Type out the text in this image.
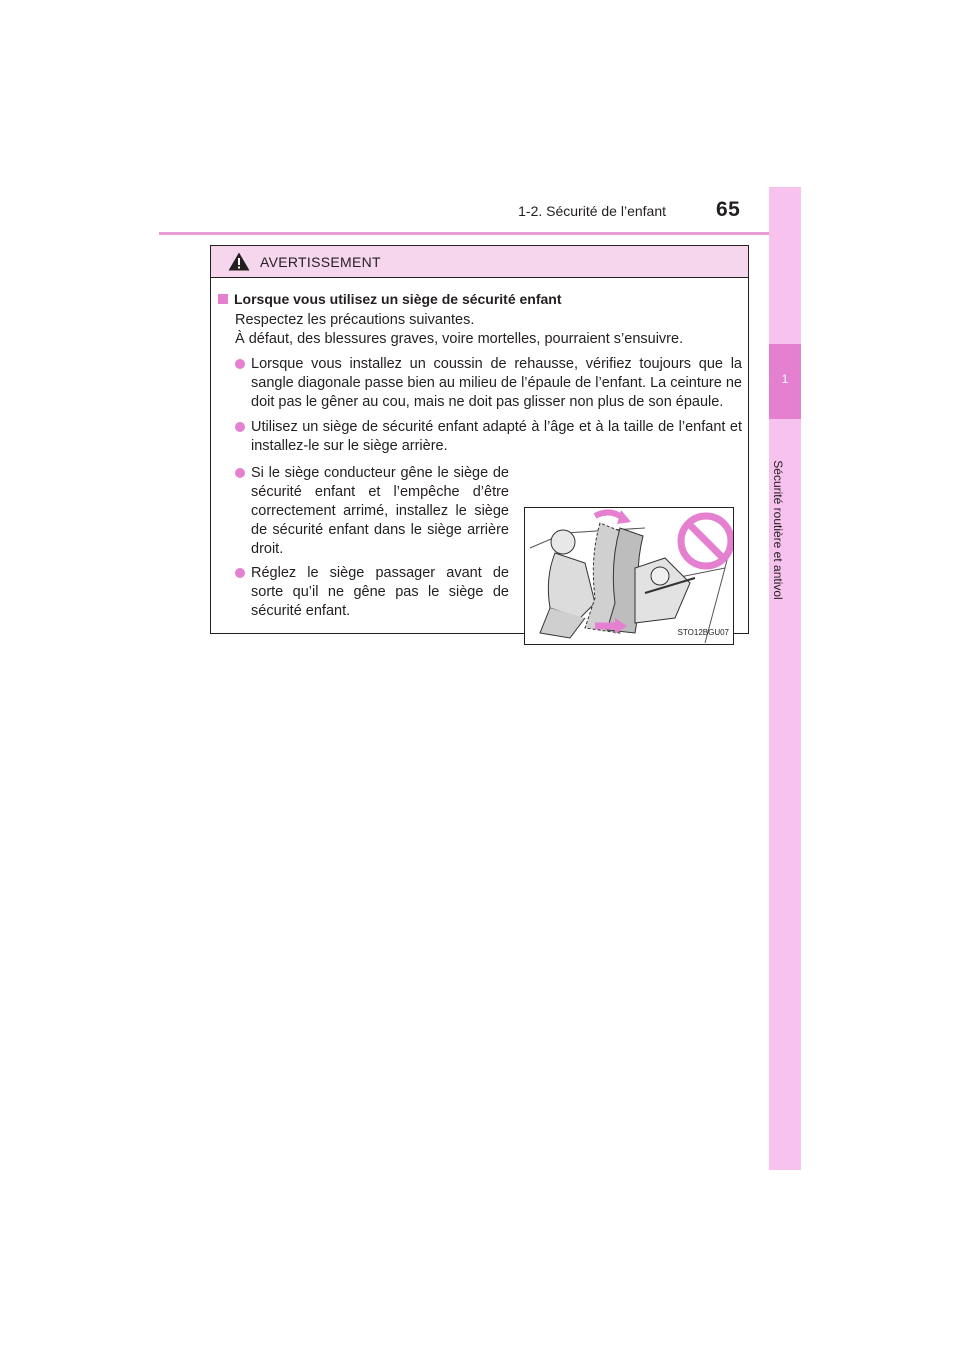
1
Sécurité routière et antivol
1-2. Sécurité de l’enfant 65
AVERTISSEMENT
Lorsque vous utilisez un siège de sécurité enfant
Respectez les précautions suivantes.
À défaut, des blessures graves, voire mortelles, pourraient s’ensuivre.
Lorsque vous installez un coussin de rehausse, vérifiez toujours que la sangle diagonale passe bien au milieu de l’épaule de l’enfant. La ceinture ne doit pas le gêner au cou, mais ne doit pas glisser non plus de son épaule.
Utilisez un siège de sécurité enfant adapté à l’âge et à la taille de l’enfant et installez-le sur le siège arrière.
Si le siège conducteur gêne le siège de sécurité enfant et l’empêche d’être correctement arrimé, installez le siège de sécurité enfant dans le siège arrière droit.
Réglez le siège passager avant de sorte qu’il ne gêne pas le siège de sécurité enfant.
STO12BGU07
